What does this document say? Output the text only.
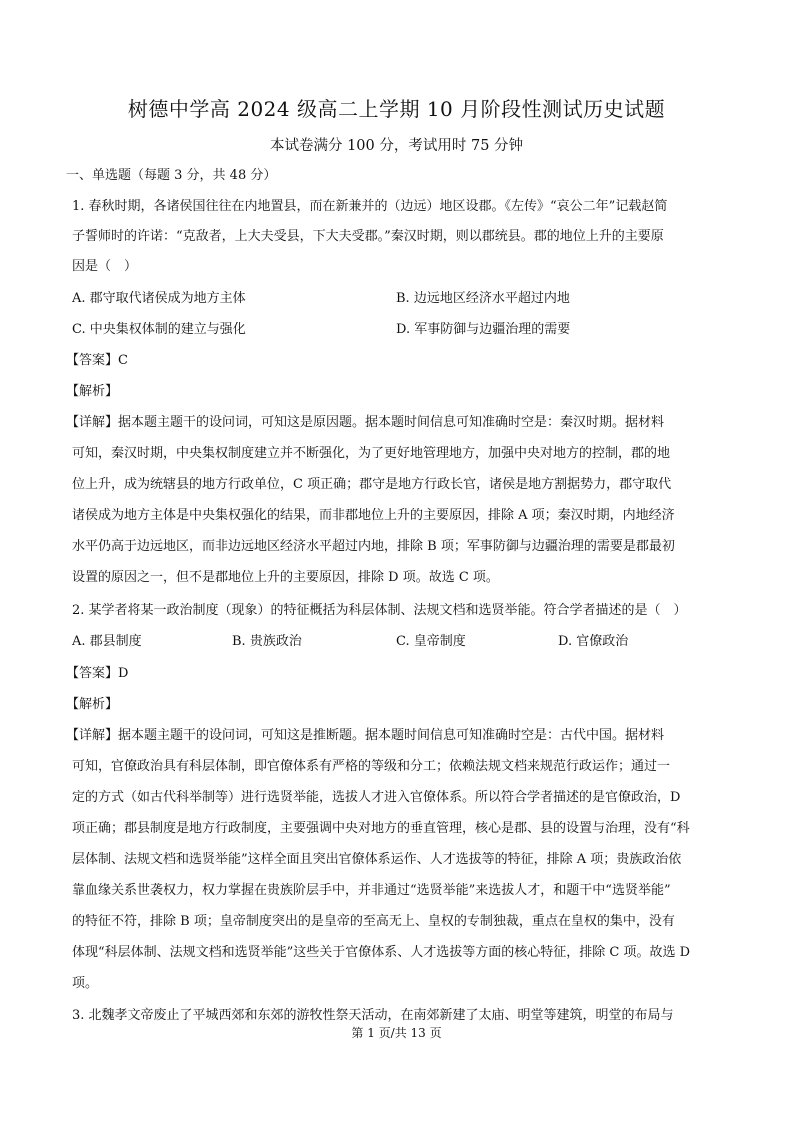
树德中学高 2024 级高二上学期 10 月阶段性测试历史试题
本试卷满分 100 分，考试用时 75 分钟
一、单选题（每题 3 分，共 48 分）
1. 春秋时期，各诸侯国往往在内地置县，而在新兼并的（边远）地区设郡。《左传》“哀公二年”记载赵简
子誓师时的许诺：“克敌者，上大夫受县，下大夫受郡。”秦汉时期，则以郡统县。郡的地位上升的主要原
因是（　）
A. 郡守取代诸侯成为地方主体	B. 边远地区经济水平超过内地
C. 中央集权体制的建立与强化	D. 军事防御与边疆治理的需要
【答案】C
【解析】
【详解】据本题主题干的设问词，可知这是原因题。据本题时间信息可知准确时空是：秦汉时期。据材料
可知，秦汉时期，中央集权制度建立并不断强化，为了更好地管理地方，加强中央对地方的控制，郡的地
位上升，成为统辖县的地方行政单位，C 项正确；郡守是地方行政长官，诸侯是地方割据势力，郡守取代
诸侯成为地方主体是中央集权强化的结果，而非郡地位上升的主要原因，排除 A 项；秦汉时期，内地经济
水平仍高于边远地区，而非边远地区经济水平超过内地，排除 B 项；军事防御与边疆治理的需要是郡最初
设置的原因之一，但不是郡地位上升的主要原因，排除 D 项。故选 C 项。
2. 某学者将某一政治制度（现象）的特征概括为科层体制、法规文档和选贤举能。符合学者描述的是（　）
A. 郡县制度	B. 贵族政治	C. 皇帝制度	D. 官僚政治
【答案】D
【解析】
【详解】据本题主题干的设问词，可知这是推断题。据本题时间信息可知准确时空是：古代中国。据材料
可知，官僚政治具有科层体制，即官僚体系有严格的等级和分工；依赖法规文档来规范行政运作；通过一
定的方式（如古代科举制等）进行选贤举能，选拔人才进入官僚体系。所以符合学者描述的是官僚政治，D
项正确；郡县制度是地方行政制度，主要强调中央对地方的垂直管理，核心是郡、县的设置与治理，没有“科
层体制、法规文档和选贤举能”这样全面且突出官僚体系运作、人才选拔等的特征，排除 A 项；贵族政治依
靠血缘关系世袭权力，权力掌握在贵族阶层手中，并非通过“选贤举能”来选拔人才，和题干中“选贤举能”
的特征不符，排除 B 项；皇帝制度突出的是皇帝的至高无上、皇权的专制独裁，重点在皇权的集中，没有
体现“科层体制、法规文档和选贤举能”这些关于官僚体系、人才选拔等方面的核心特征，排除 C 项。故选 D
项。
3. 北魏孝文帝废止了平城西郊和东郊的游牧性祭天活动，在南郊新建了太庙、明堂等建筑，明堂的布局与
第 1 页/共 13 页
